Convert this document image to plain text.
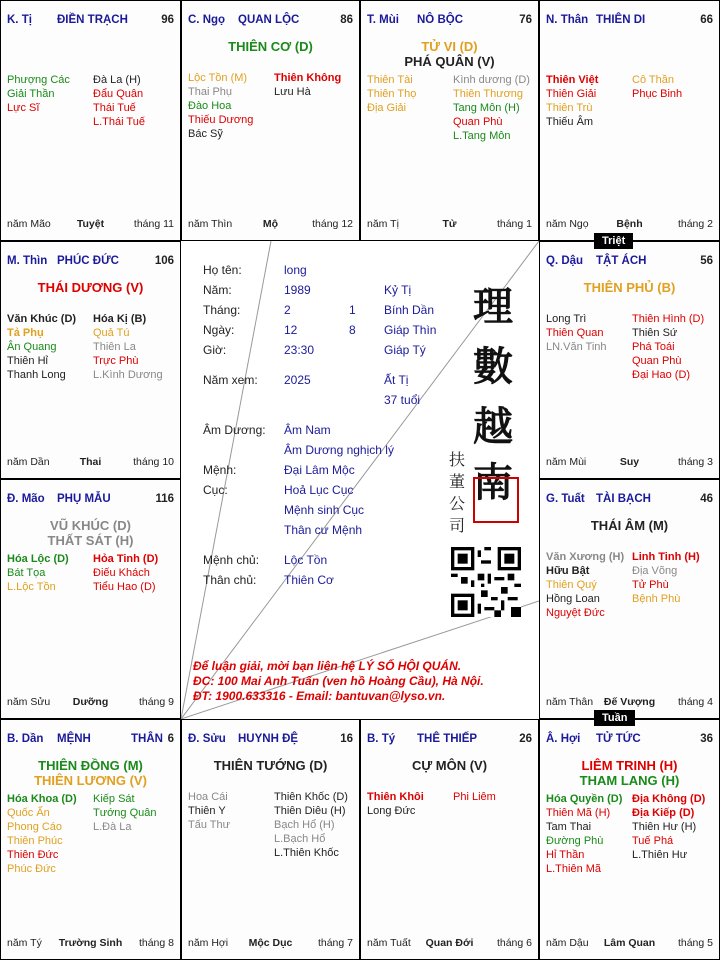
K. Tị ĐIỀN TRẠCH	96
Phượng Các
Giải Thần
Lực Sĩ
Đà La (H)
Đẩu Quân
Thái Tuế
L.Thái Tuế
năm Mão	Tuyệt	tháng 11
C. Ngọ QUAN LỘC	86
THIÊN CƠ (D)
Lộc Tồn (M)
Thai Phụ
Đào Hoa
Thiếu Dương
Bác Sỹ
Thiên Không
Lưu Hà
năm Thìn	Mộ	tháng 12
T. Mùi NÔ BỘC	76
TỬ VI (D)
PHÁ QUÂN (V)
Thiên Tài
Thiên Thọ
Địa Giải
Kình dương (D)
Thiên Thương
Tang Môn (H)
Quan Phù
L.Tang Môn
năm Tị	Tử	tháng 1
N. Thân THIÊN DI	66
Thiên Việt
Thiên Giải
Thiên Trù
Thiếu Âm
Cô Thần
Phục Binh
năm Ngọ	Bệnh	tháng 2
M. Thìn PHÚC ĐỨC	106
THÁI DƯƠNG (V)
Văn Khúc (D)
Tả Phụ
Ân Quang
Thiên Hỉ
Thanh Long
Hóa Kị (B)
Quả Tú
Thiên La
Trực Phù
L.Kình Dương
năm Dần	Thai	tháng 10
Q. Dậu TẬT ÁCH	56
THIÊN PHỦ (B)
Long Trì
Thiên Quan
LN.Văn Tinh
Thiên Hình (D)
Thiên Sứ
Phá Toái
Quan Phù
Đại Hao (D)
năm Mùi	Suy	tháng 3
Đ. Mão PHỤ MẪU	116
VŨ KHÚC (D)
THẤT SÁT (H)
Hóa Lộc (D)
Bát Tọa
L.Lộc Tồn
Hỏa Tinh (D)
Điếu Khách
Tiểu Hao (D)
năm Sửu	Dưỡng	tháng 9
G. Tuất TÀI BẠCH	46
THÁI ÂM (M)
Văn Xương (H)
Hữu Bật
Thiên Quý
Hồng Loan
Nguyệt Đức
Linh Tinh (H)
Địa Võng
Tử Phù
Bệnh Phù
năm Thân	Đế Vượng	tháng 4
B. Dần MỆNH	THÂN 6
THIÊN ĐỒNG (M)
THIÊN LƯƠNG (V)
Hóa Khoa (D)
Quốc Ấn
Phong Cáo
Thiên Phúc
Thiên Đức
Phúc Đức
Kiếp Sát
Tướng Quân
L.Đà La
năm Tý	Trường Sinh	tháng 8
Đ. Sửu HUYNH ĐỆ	16
THIÊN TƯỚNG (D)
Hoa Cái
Thiên Y
Tấu Thư
Thiên Khốc (D)
Thiên Diêu (H)
Bạch Hổ (H)
L.Bạch Hổ
L.Thiên Khốc
năm Hợi	Mộc Dục	tháng 7
B. Tý THÊ THIẾP	26
CỰ MÔN (V)
Thiên Khôi
Long Đức
Phi Liêm
năm Tuất	Quan Đới	tháng 6
Â. Hợi TỬ TỨC	36
LIÊM TRINH (H)
THAM LANG (H)
Hóa Quyền (D)
Thiên Mã (H)
Tam Thai
Đường Phù
Hỉ Thần
L.Thiên Mã
Địa Không (D)
Địa Kiếp (D)
Thiên Hư (H)
Tuế Phá
L.Thiên Hư
năm Dậu	Lâm Quan	tháng 5
Triệt
Tuần
Họ tên:	long
Năm:	1989	Kỷ Tị
Tháng:	2	1 Bính Dần
Ngày:	12	8 Giáp Thìn
Giờ:	23:30	Giáp Tý
Năm xem: 2025	Ất Tị
37 tuổi
Âm Dương: Âm Nam
Âm Dương nghịch lý
Mệnh:	Đại Lâm Mộc
Cục:	Hoả Lục Cục
Mệnh sinh Cục
Thân cư Mệnh
Mệnh chủ: Lộc Tồn
Thân chủ: Thiên Cơ
理
數
越
南
扶
董
公
司
Để luận giải, mời bạn liên hệ LÝ SỐ HỘI QUÁN.
ĐC: 100 Mai Anh Tuấn (ven hồ Hoàng Cầu), Hà Nội.
ĐT: 1900.633316 - Email: bantuvan@lyso.vn.
